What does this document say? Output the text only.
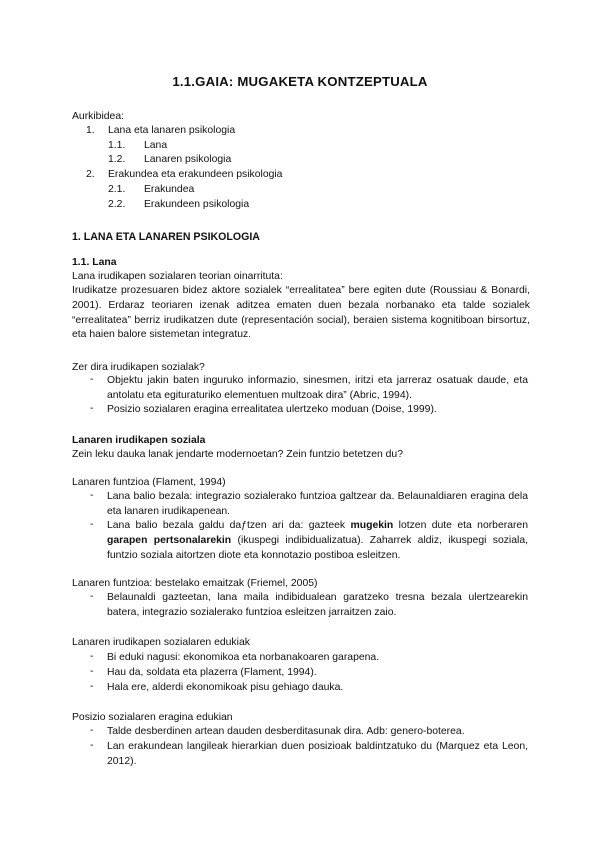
1.1.GAIA: MUGAKETA KONTZEPTUALA
Aurkibidea:
1. Lana eta lanaren psikologia
1.1. Lana
1.2. Lanaren psikologia
2. Erakundea eta erakundeen psikologia
2.1. Erakundea
2.2. Erakundeen psikologia
1. LANA ETA LANAREN PSIKOLOGIA
1.1. Lana
Lana irudikapen sozialaren teorian oinarrituta:
Irudikatze prozesuaren bidez aktore sozialek “errealitatea” bere egiten dute (Roussiau & Bonardi, 2001). Erdaraz teoriaren izenak aditzea ematen duen bezala norbanako eta talde sozialek “errealitatea” berriz irudikatzen dute (representación social), beraien sistema kognitiboan birsortuz, eta haien balore sistemetan integratuz.
Zer dira irudikapen sozialak?
- Objektu jakin baten inguruko informazio, sinesmen, iritzi eta jarreraz osatuak daude, eta antolatu eta egituraturiko elementuen multzoak dira” (Abric, 1994).
- Posizio sozialaren eragina errealitatea ulertzeko moduan (Doise, 1999).
Lanaren irudikapen soziala
Zein leku dauka lanak jendarte modernoetan? Zein funtzio betetzen du?
Lanaren funtzioa (Flament, 1994)
- Lana balio bezala: integrazio sozialerako funtzioa galtzear da. Belaunaldiaren eragina dela eta lanaren irudikapenean.
- Lana balio bezala galdu daƒtzen ari da: gazteek mugekin lotzen dute eta norberaren garapen pertsonalarekin (ikuspegi indibidualizatua). Zaharrek aldiz, ikuspegi soziala, funtzio soziala aitortzen diote eta konnotazio postiboa esleitzen.
Lanaren funtzioa: bestelako emaitzak (Friemel, 2005)
- Belaunaldi gazteetan, lana maila indibidualean garatzeko tresna bezala ulertzearekin batera, integrazio sozialerako funtzioa esleitzen jarraitzen zaio.
Lanaren irudikapen sozialaren edukiak
- Bi eduki nagusi: ekonomikoa eta norbanakoaren garapena.
- Hau da, soldata eta plazerra (Flament, 1994).
- Hala ere, alderdi ekonomikoak pisu gehiago dauka.
Posizio sozialaren eragina edukian
- Talde desberdinen artean dauden desberditasunak dira. Adb: genero-boterea.
- Lan erakundean langileak hierarkian duen posizioak baldintzatuko du (Marquez eta Leon, 2012).
